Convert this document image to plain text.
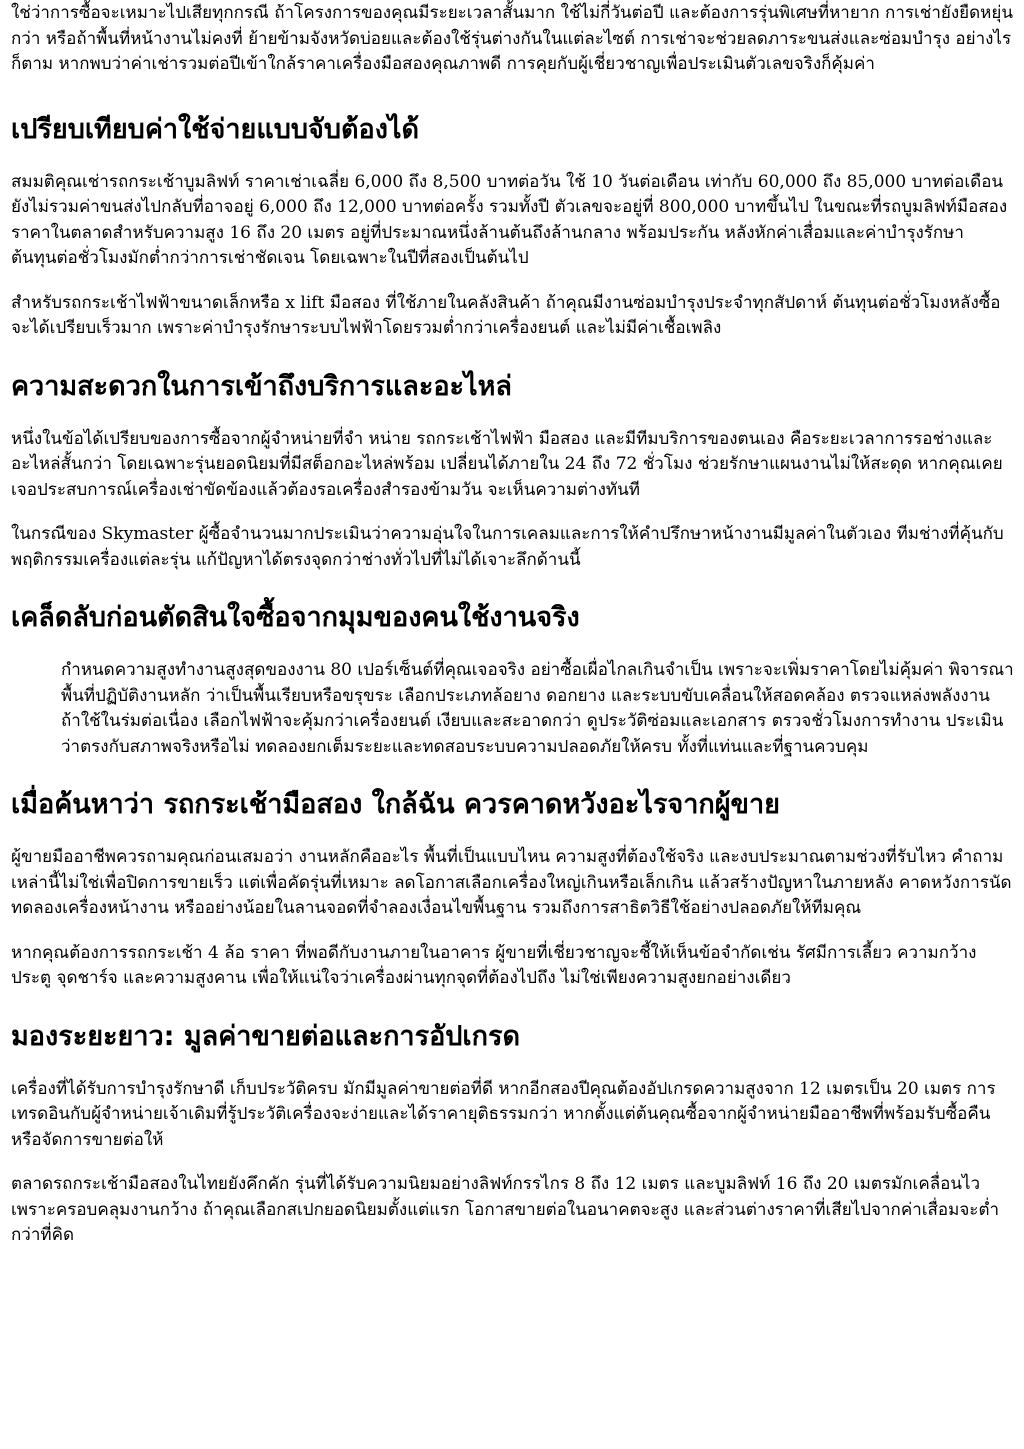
ใช่ว่าการซื้อจะเหมาะไปเสียทุกกรณี ถ้าโครงการของคุณมีระยะเวลาสั้นมาก ใช้ไม่กี่วันต่อปี และต้องการรุ่นพิเศษที่หายาก การเช่ายังยืดหยุ่นกว่า หรือถ้าพื้นที่หน้างานไม่คงที่ ย้ายข้ามจังหวัดบ่อยและต้องใช้รุ่นต่างกันในแต่ละไซต์ การเช่าจะช่วยลดภาระขนส่งและซ่อมบำรุง อย่างไรก็ตาม หากพบว่าค่าเช่ารวมต่อปีเข้าใกล้ราคาเครื่องมือสองคุณภาพดี การคุยกับผู้เชี่ยวชาญเพื่อประเมินตัวเลขจริงก็คุ้มค่า

เปรียบเทียบค่าใช้จ่ายแบบจับต้องได้

สมมติคุณเช่ารถกระเช้าบูมลิฟท์ ราคาเช่าเฉลี่ย 6,000 ถึง 8,500 บาทต่อวัน ใช้ 10 วันต่อเดือน เท่ากับ 60,000 ถึง 85,000 บาทต่อเดือน ยังไม่รวมค่าขนส่งไปกลับที่อาจอยู่ 6,000 ถึง 12,000 บาทต่อครั้ง รวมทั้งปี ตัวเลขจะอยู่ที่ 800,000 บาทขึ้นไป ในขณะที่รถบูมลิฟท์มือสอง ราคาในตลาดสำหรับความสูง 16 ถึง 20 เมตร อยู่ที่ประมาณหนึ่งล้านต้นถึงล้านกลาง พร้อมประกัน หลังหักค่าเสื่อมและค่าบำรุงรักษา ต้นทุนต่อชั่วโมงมักต่ำกว่าการเช่าชัดเจน โดยเฉพาะในปีที่สองเป็นต้นไป

สำหรับรถกระเช้าไฟฟ้าขนาดเล็กหรือ x lift มือสอง ที่ใช้ภายในคลังสินค้า ถ้าคุณมีงานซ่อมบำรุงประจำทุกสัปดาห์ ต้นทุนต่อชั่วโมงหลังซื้อจะได้เปรียบเร็วมาก เพราะค่าบำรุงรักษาระบบไฟฟ้าโดยรวมต่ำกว่าเครื่องยนต์ และไม่มีค่าเชื้อเพลิง

ความสะดวกในการเข้าถึงบริการและอะไหล่

หนึ่งในข้อได้เปรียบของการซื้อจากผู้จำหน่ายที่จำ หน่าย รถกระเช้าไฟฟ้า มือสอง และมีทีมบริการของตนเอง คือระยะเวลาการรอช่างและอะไหล่สั้นกว่า โดยเฉพาะรุ่นยอดนิยมที่มีสต็อกอะไหล่พร้อม เปลี่ยนได้ภายใน 24 ถึง 72 ชั่วโมง ช่วยรักษาแผนงานไม่ให้สะดุด หากคุณเคยเจอประสบการณ์เครื่องเช่าขัดข้องแล้วต้องรอเครื่องสำรองข้ามวัน จะเห็นความต่างทันที

ในกรณีของ Skymaster ผู้ซื้อจำนวนมากประเมินว่าความอุ่นใจในการเคลมและการให้คำปรึกษาหน้างานมีมูลค่าในตัวเอง ทีมช่างที่คุ้นกับพฤติกรรมเครื่องแต่ละรุ่น แก้ปัญหาได้ตรงจุดกว่าช่างทั่วไปที่ไม่ได้เจาะลึกด้านนี้

เคล็ดลับก่อนตัดสินใจซื้อจากมุมของคนใช้งานจริง

กำหนดความสูงทำงานสูงสุดของงาน 80 เปอร์เซ็นต์ที่คุณเจอจริง อย่าซื้อเผื่อไกลเกินจำเป็น เพราะจะเพิ่มราคาโดยไม่คุ้มค่า พิจารณาพื้นที่ปฏิบัติงานหลัก ว่าเป็นพื้นเรียบหรือขรุขระ เลือกประเภทล้อยาง ดอกยาง และระบบขับเคลื่อนให้สอดคล้อง ตรวจแหล่งพลังงาน ถ้าใช้ในร่มต่อเนื่อง เลือกไฟฟ้าจะคุ้มกว่าเครื่องยนต์ เงียบและสะอาดกว่า ดูประวัติซ่อมและเอกสาร ตรวจชั่วโมงการทำงาน ประเมินว่าตรงกับสภาพจริงหรือไม่ ทดลองยกเต็มระยะและทดสอบระบบความปลอดภัยให้ครบ ทั้งที่แท่นและที่ฐานควบคุม

เมื่อค้นหาว่า รถกระเช้ามือสอง ใกล้ฉัน ควรคาดหวังอะไรจากผู้ขาย

ผู้ขายมืออาชีพควรถามคุณก่อนเสมอว่า งานหลักคืออะไร พื้นที่เป็นแบบไหน ความสูงที่ต้องใช้จริง และงบประมาณตามช่วงที่รับไหว คำถามเหล่านี้ไม่ใช่เพื่อปิดการขายเร็ว แต่เพื่อคัดรุ่นที่เหมาะ ลดโอกาสเลือกเครื่องใหญ่เกินหรือเล็กเกิน แล้วสร้างปัญหาในภายหลัง คาดหวังการนัดทดลองเครื่องหน้างาน หรืออย่างน้อยในลานจอดที่จำลองเงื่อนไขพื้นฐาน รวมถึงการสาธิตวิธีใช้อย่างปลอดภัยให้ทีมคุณ

หากคุณต้องการรถกระเช้า 4 ล้อ ราคา ที่พอดีกับงานภายในอาคาร ผู้ขายที่เชี่ยวชาญจะชี้ให้เห็นข้อจำกัดเช่น รัศมีการเลี้ยว ความกว้างประตู จุดชาร์จ และความสูงคาน เพื่อให้แน่ใจว่าเครื่องผ่านทุกจุดที่ต้องไปถึง ไม่ใช่เพียงความสูงยกอย่างเดียว

มองระยะยาว: มูลค่าขายต่อและการอัปเกรด

เครื่องที่ได้รับการบำรุงรักษาดี เก็บประวัติครบ มักมีมูลค่าขายต่อที่ดี หากอีกสองปีคุณต้องอัปเกรดความสูงจาก 12 เมตรเป็น 20 เมตร การเทรดอินกับผู้จำหน่ายเจ้าเดิมที่รู้ประวัติเครื่องจะง่ายและได้ราคายุติธรรมกว่า หากตั้งแต่ต้นคุณซื้อจากผู้จำหน่ายมืออาชีพที่พร้อมรับซื้อคืนหรือจัดการขายต่อให้

ตลาดรถกระเช้ามือสองในไทยยังคึกคัก รุ่นที่ได้รับความนิยมอย่างลิฟท์กรรไกร 8 ถึง 12 เมตร และบูมลิฟท์ 16 ถึง 20 เมตรมักเคลื่อนไว เพราะครอบคลุมงานกว้าง ถ้าคุณเลือกสเปกยอดนิยมตั้งแต่แรก โอกาสขายต่อในอนาคตจะสูง และส่วนต่างราคาที่เสียไปจากค่าเสื่อมจะต่ำกว่าที่คิด
